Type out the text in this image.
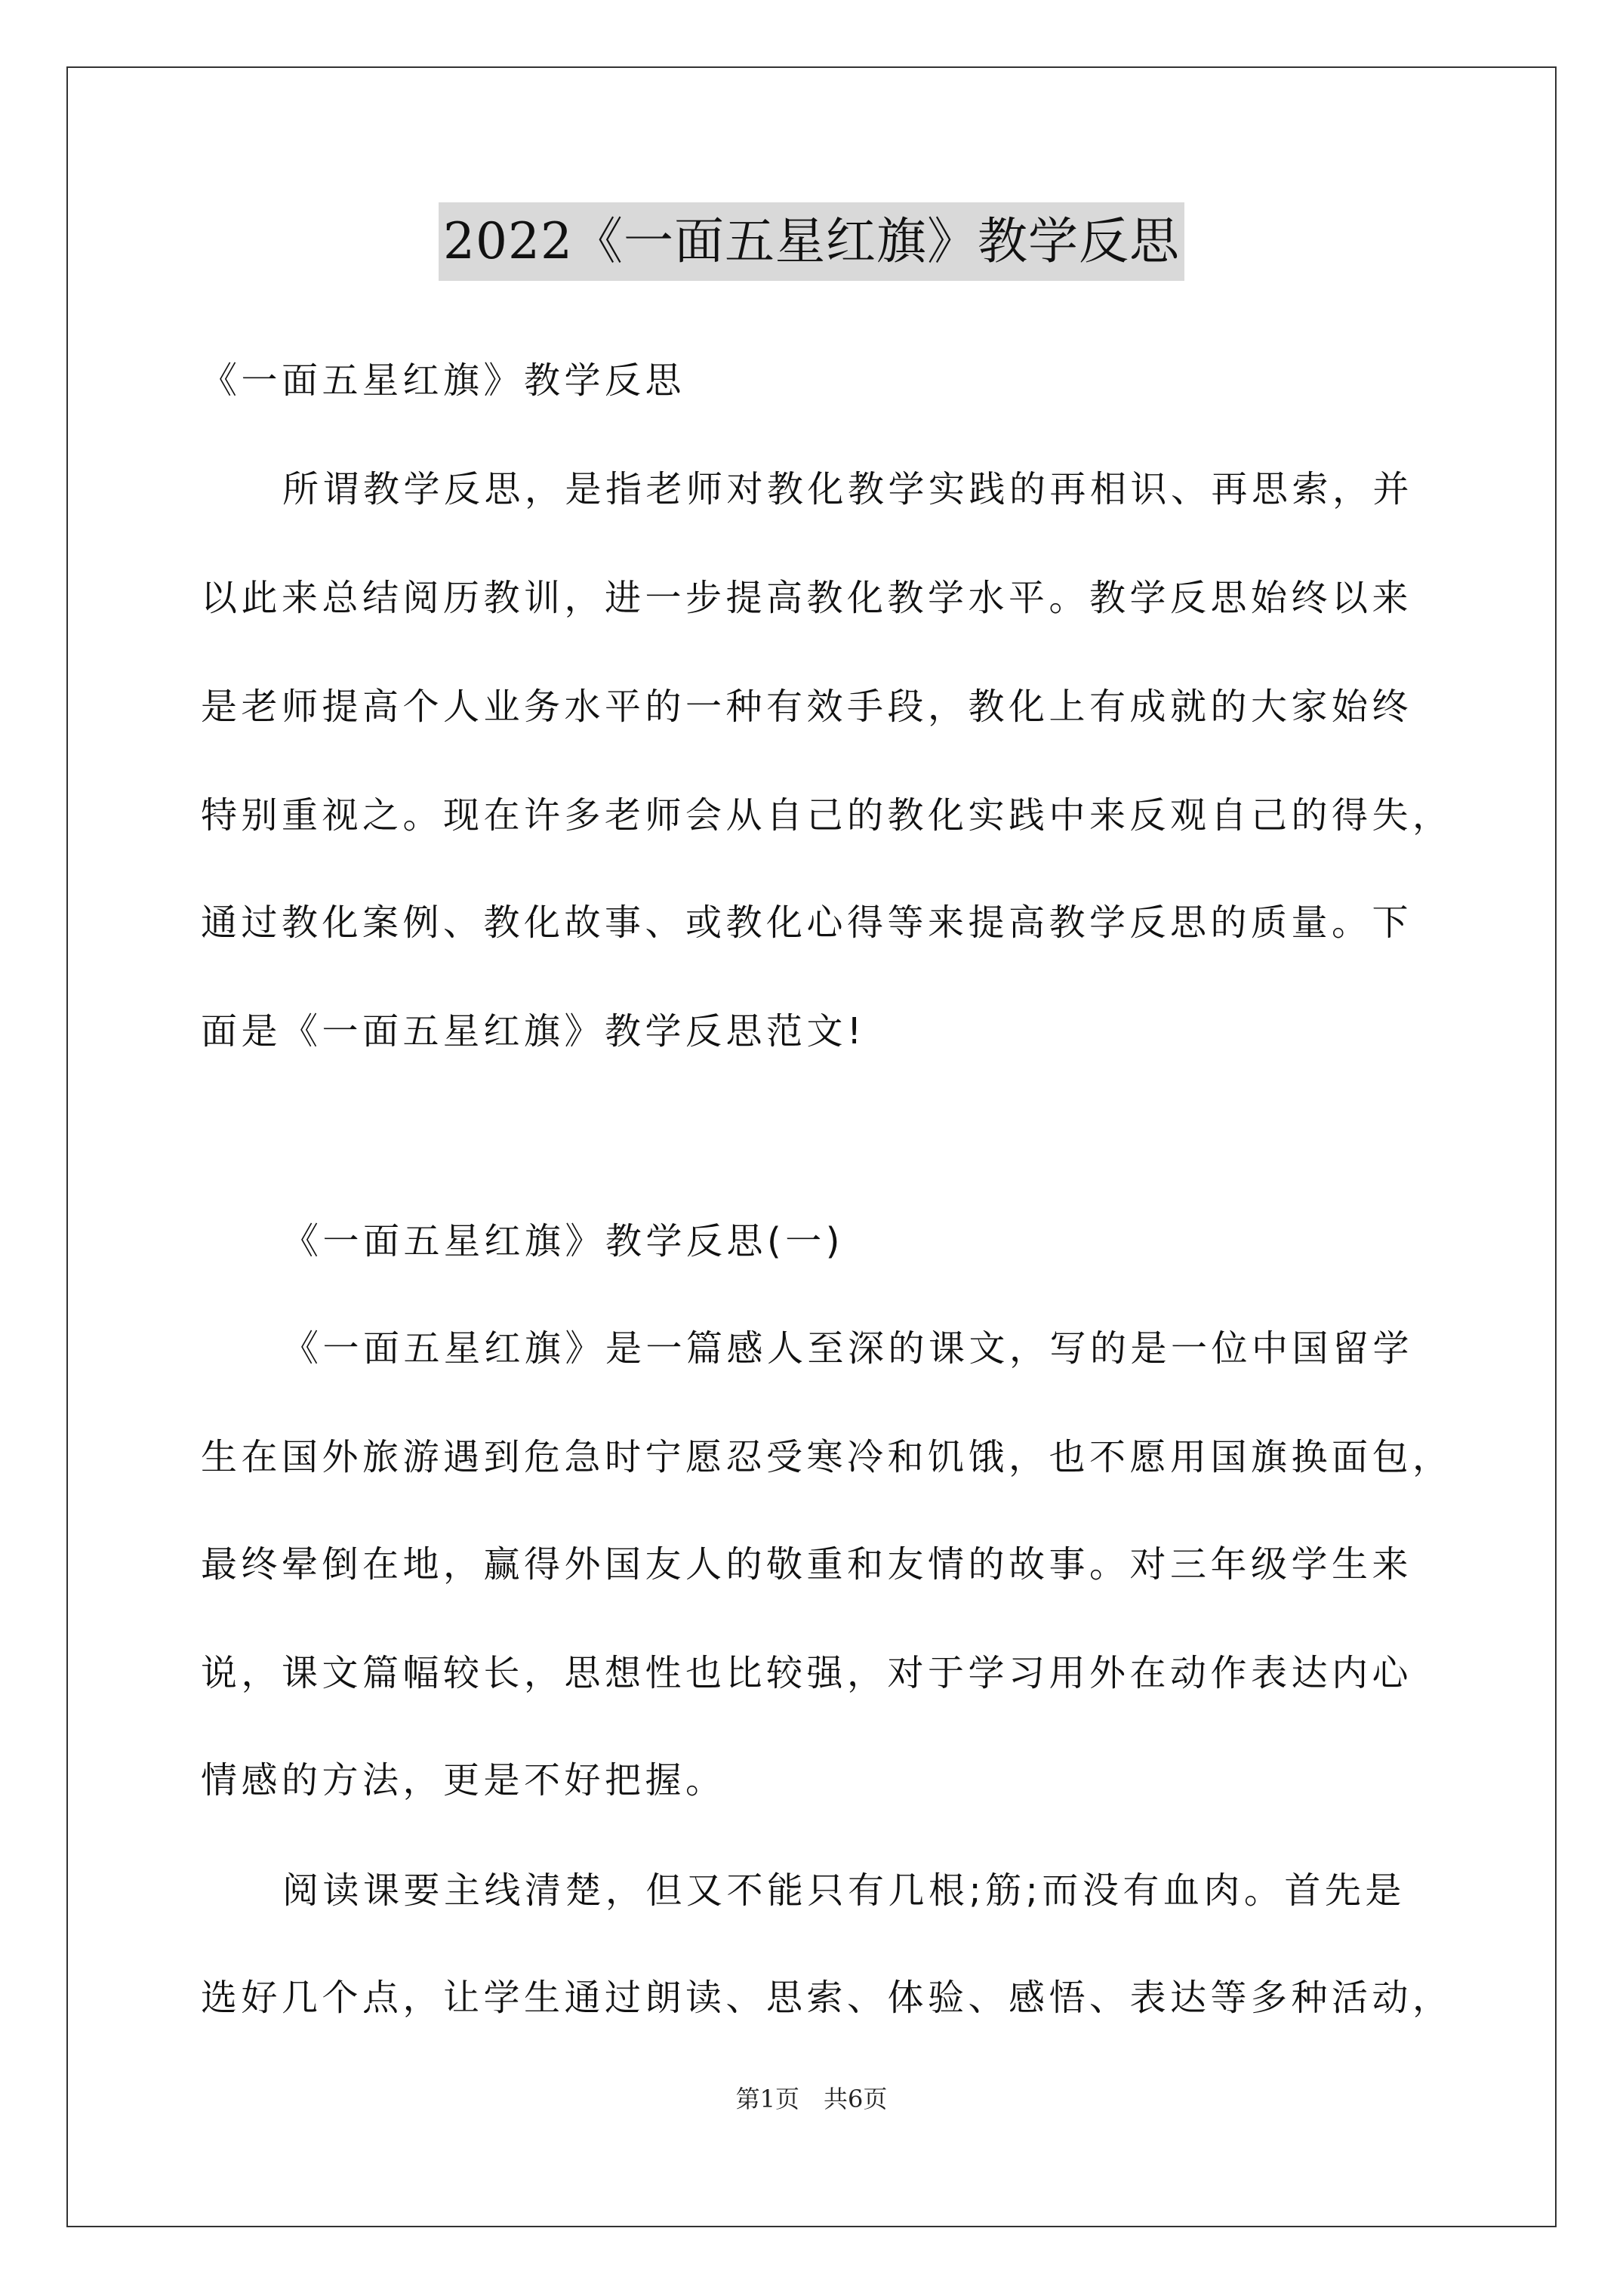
2022《一面五星红旗》教学反思
《一面五星红旗》教学反思
所谓教学反思，是指老师对教化教学实践的再相识、再思索，并
以此来总结阅历教训，进一步提高教化教学水平。教学反思始终以来
是老师提高个人业务水平的一种有效手段，教化上有成就的大家始终
特别重视之。现在许多老师会从自己的教化实践中来反观自己的得失，
通过教化案例、教化故事、或教化心得等来提高教学反思的质量。下
面是《一面五星红旗》教学反思范文!
《一面五星红旗》教学反思(一)
《一面五星红旗》是一篇感人至深的课文，写的是一位中国留学
生在国外旅游遇到危急时宁愿忍受寒冷和饥饿，也不愿用国旗换面包，
最终晕倒在地，赢得外国友人的敬重和友情的故事。对三年级学生来
说，课文篇幅较长，思想性也比较强，对于学习用外在动作表达内心
情感的方法，更是不好把握。
阅读课要主线清楚，但又不能只有几根;筋;而没有血肉。首先是
选好几个点，让学生通过朗读、思索、体验、感悟、表达等多种活动，
第1页　共6页
